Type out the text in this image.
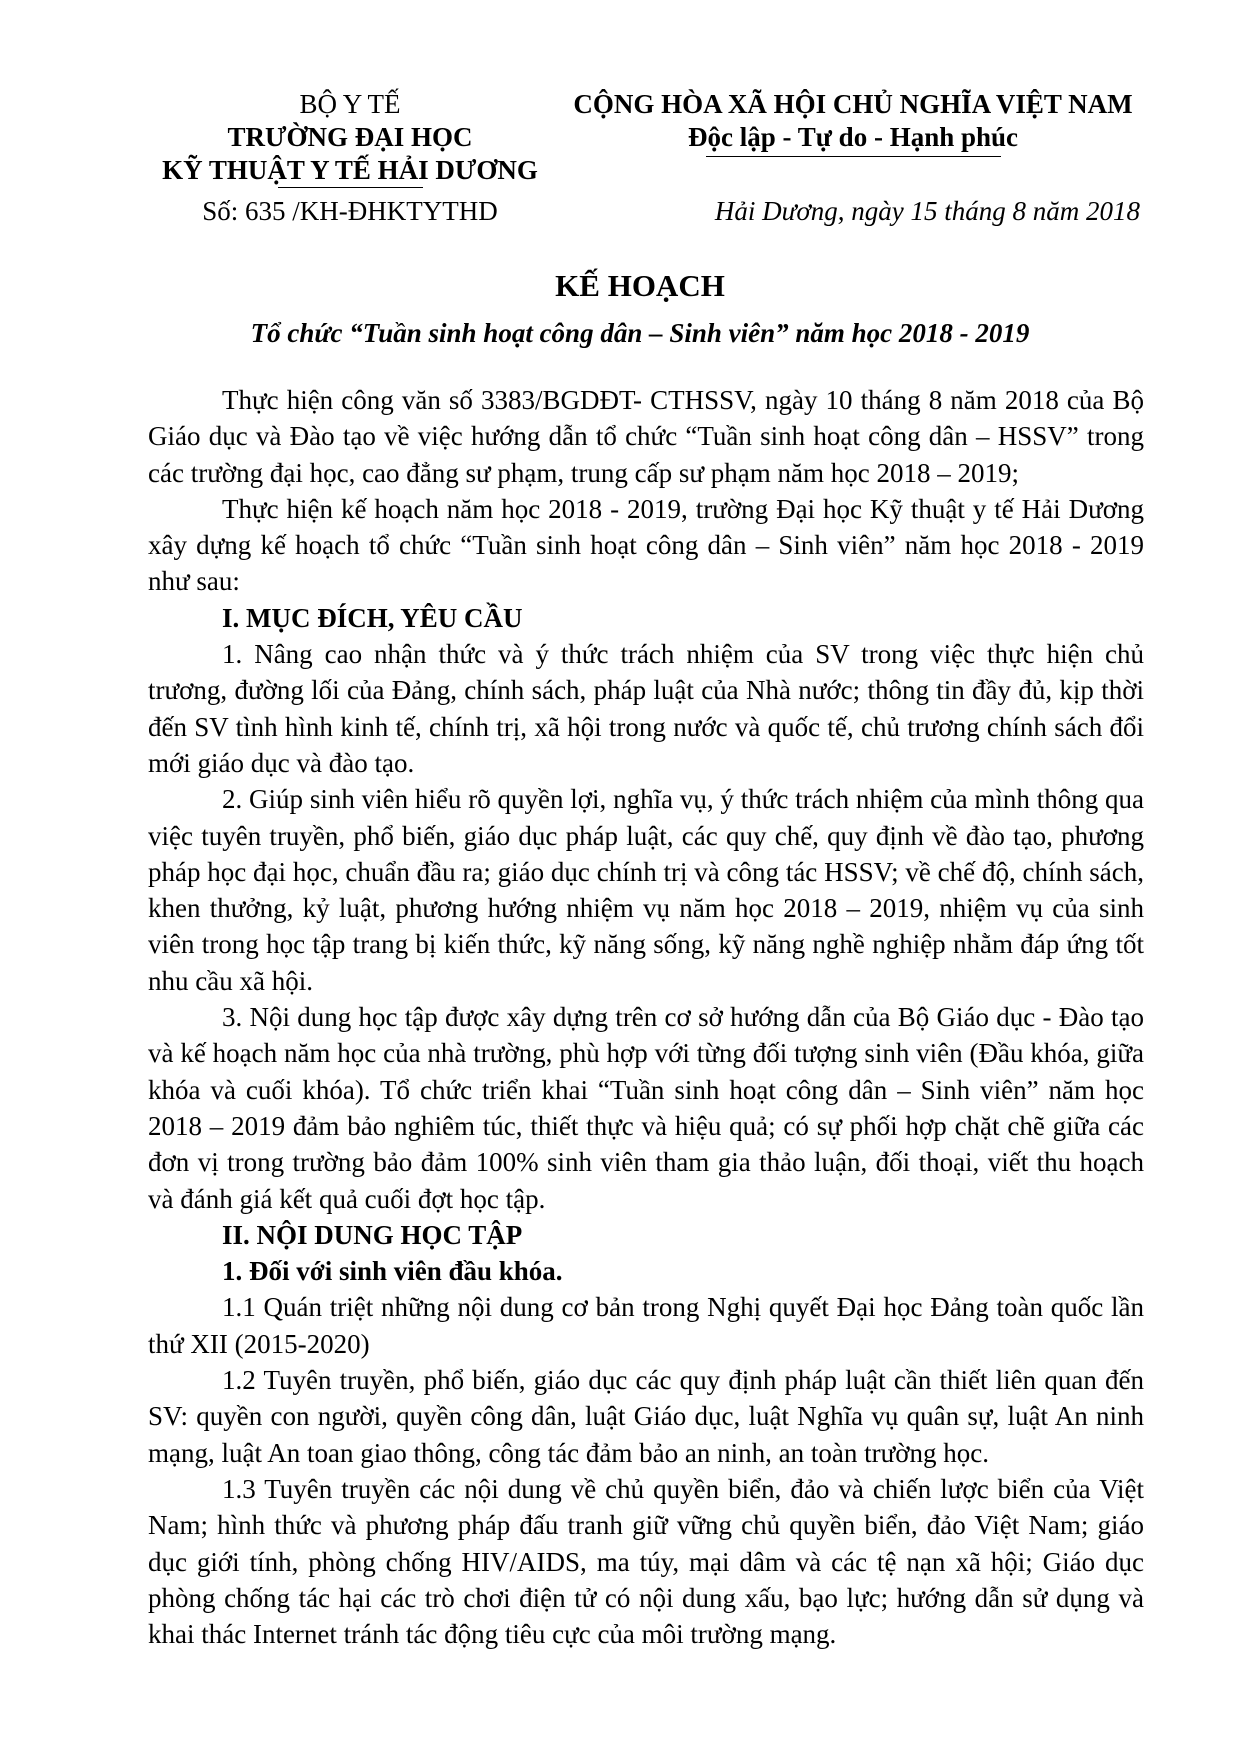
BỘ Y TẾ
TRƯỜNG ĐẠI HỌC
KỸ THUẬT Y TẾ HẢI DƯƠNG
CỘNG HÒA XÃ HỘI CHỦ NGHĨA VIỆT NAM
Độc lập - Tự do - Hạnh phúc
Số: 635 /KH-ĐHKTYTHD	Hải Dương, ngày 15 tháng 8 năm 2018
KẾ HOẠCH
Tổ chức “Tuần sinh hoạt công dân – Sinh viên” năm học 2018 - 2019

Thực hiện công văn số 3383/BGDĐT- CTHSSV, ngày 10 tháng 8 năm 2018 của Bộ Giáo dục và Đào tạo về việc hướng dẫn tổ chức “Tuần sinh hoạt công dân – HSSV” trong các trường đại học, cao đẳng sư phạm, trung cấp sư phạm năm học 2018 – 2019;

Thực hiện kế hoạch năm học 2018 - 2019, trường Đại học Kỹ thuật y tế Hải Dương xây dựng kế hoạch tổ chức “Tuần sinh hoạt công dân – Sinh viên” năm học 2018 - 2019 như sau:

I. MỤC ĐÍCH, YÊU CẦU

1. Nâng cao nhận thức và ý thức trách nhiệm của SV trong việc thực hiện chủ trương, đường lối của Đảng, chính sách, pháp luật của Nhà nước; thông tin đầy đủ, kịp thời đến SV tình hình kinh tế, chính trị, xã hội trong nước và quốc tế, chủ trương chính sách đổi mới giáo dục và đào tạo.

2. Giúp sinh viên hiểu rõ quyền lợi, nghĩa vụ, ý thức trách nhiệm của mình thông qua việc tuyên truyền, phổ biến, giáo dục pháp luật, các quy chế, quy định về đào tạo, phương pháp học đại học, chuẩn đầu ra; giáo dục chính trị và công tác HSSV; về chế độ, chính sách, khen thưởng, kỷ luật, phương hướng nhiệm vụ năm học 2018 – 2019, nhiệm vụ của sinh viên trong học tập trang bị kiến thức, kỹ năng sống, kỹ năng nghề nghiệp nhằm đáp ứng tốt nhu cầu xã hội.

3. Nội dung học tập được xây dựng trên cơ sở hướng dẫn của Bộ Giáo dục - Đào tạo và kế hoạch năm học của nhà trường, phù hợp với từng đối tượng sinh viên (Đầu khóa, giữa khóa và cuối khóa). Tổ chức triển khai “Tuần sinh hoạt công dân – Sinh viên” năm học 2018 – 2019 đảm bảo nghiêm túc, thiết thực và hiệu quả; có sự phối hợp chặt chẽ giữa các đơn vị trong trường bảo đảm 100% sinh viên tham gia thảo luận, đối thoại, viết thu hoạch và đánh giá kết quả cuối đợt học tập.

II. NỘI DUNG HỌC TẬP

1. Đối với sinh viên đầu khóa.

1.1 Quán triệt những nội dung cơ bản trong Nghị quyết Đại học Đảng toàn quốc lần thứ XII (2015-2020)

1.2 Tuyên truyền, phổ biến, giáo dục các quy định pháp luật cần thiết liên quan đến SV: quyền con người, quyền công dân, luật Giáo dục, luật Nghĩa vụ quân sự, luật An ninh mạng, luật An toan giao thông, công tác đảm bảo an ninh, an toàn trường học.

1.3 Tuyên truyền các nội dung về chủ quyền biển, đảo và chiến lược biển của Việt Nam; hình thức và phương pháp đấu tranh giữ vững chủ quyền biển, đảo Việt Nam; giáo dục giới tính, phòng chống HIV/AIDS, ma túy, mại dâm và các tệ nạn xã hội; Giáo dục phòng chống tác hại các trò chơi điện tử có nội dung xấu, bạo lực; hướng dẫn sử dụng và khai thác Internet tránh tác động tiêu cực của môi trường mạng.
